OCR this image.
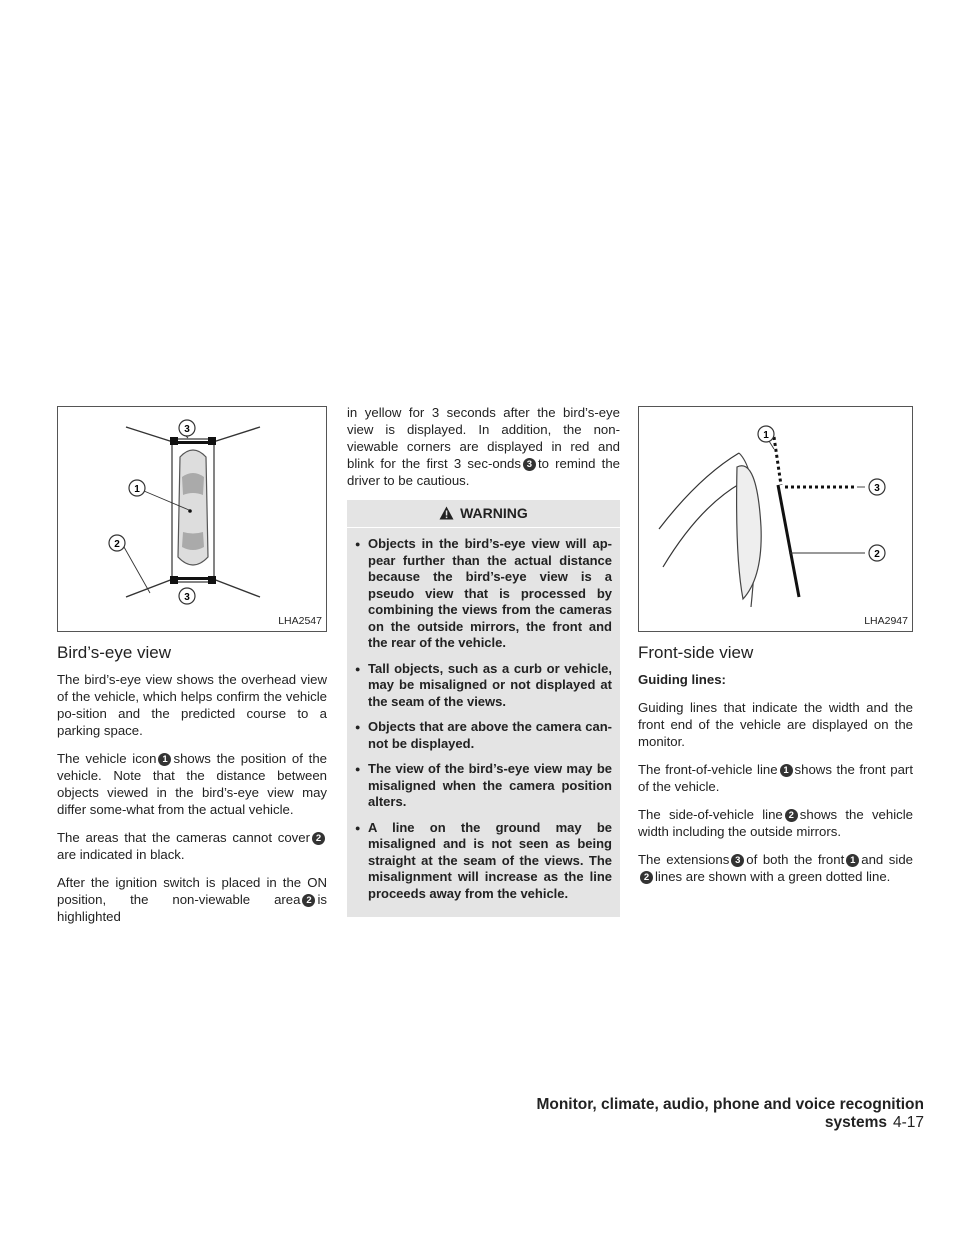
3
1
2
3
LHA2547
Bird’s-eye view

The bird’s-eye view shows the overhead view of the vehicle, which helps confirm the vehicle po-sition and the predicted course to a parking space.

The vehicle icon 1 shows the position of the vehicle. Note that the distance between objects viewed in the bird’s-eye view may differ some-what from the actual vehicle.

The areas that the cameras cannot cover 2are indicated in black.

After the ignition switch is placed in the ON position, the non-viewable area 2 is highlighted

in yellow for 3 seconds after the bird’s-eye view is displayed. In addition, the non-viewable corners are displayed in red and blink for the first 3 sec-onds 3 to remind the driver to be cautious.

WARNING
● Objects in the bird’s-eye view will ap-pear further than the actual distance because the bird’s-eye view is a pseudo view that is processed by combining the views from the cameras on the outside mirrors, the front and the rear of the vehicle.
● Tall objects, such as a curb or vehicle, may be misaligned or not displayed at the seam of the views.
● Objects that are above the camera can-not be displayed.
● The view of the bird’s-eye view may be misaligned when the camera position alters.
● A line on the ground may be misaligned and is not seen as being straight at the seam of the views. The misalignment will increase as the line proceeds away from the vehicle.
1
3
2
LHA2947
Front-side view

Guiding lines:

Guiding lines that indicate the width and the front end of the vehicle are displayed on the monitor.

The front-of-vehicle line 1 shows the front part of the vehicle.

The side-of-vehicle line 2 shows the vehicle width including the outside mirrors.

The extensions 3 of both the front 1 and side2 lines are shown with a green dotted line.

Monitor, climate, audio, phone and voice recognition systems 4-17
